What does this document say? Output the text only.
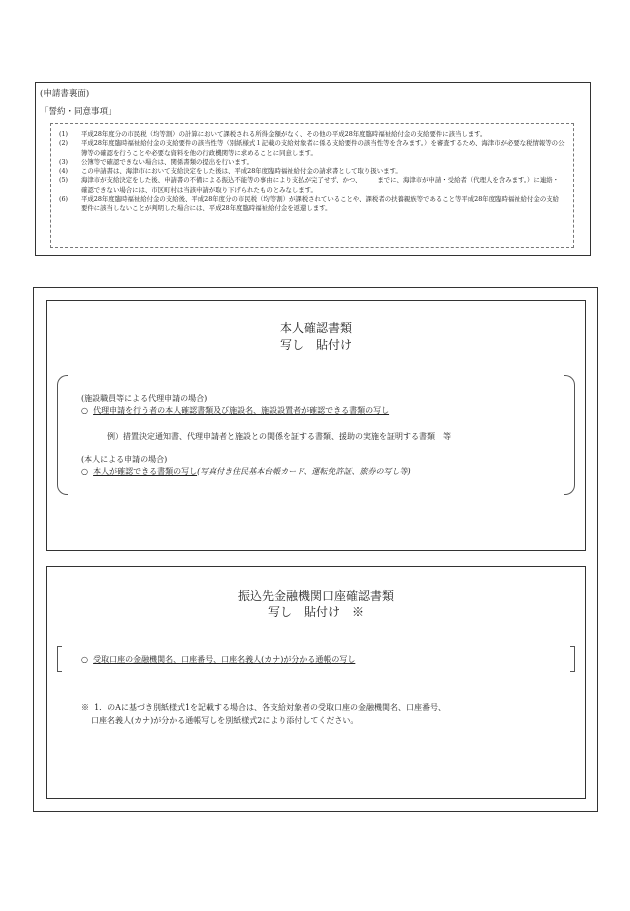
(申請書裏面)
「誓約・同意事項」
(1)	平成28年度分の市民税（均等割）の計算において課税される所得金額がなく、その他の平成28年度臨時福祉給付金の支給要件に該当します。
(2)	平成28年度臨時福祉給付金の支給要件の該当性等（別紙様式１記載の支給対象者に係る支給要件の該当性等を含みます。）を審査するため、海津市が必要な税情報等の公簿等の確認を行うことや必要な資料を他の行政機関等に求めることに同意します。
(3)	公簿等で確認できない場合は、関係書類の提出を行います。
(4)	この申請書は、海津市において支給決定をした後は、平成28年度臨時福祉給付金の請求書として取り扱います。
(5)	海津市が支給決定をした後、申請書の不備による振込不能等の事由により支払が完了せず、かつ、　　　までに、海津市が申請・受給者（代理人を含みます。）に連絡・確認できない場合には、市区町村は当該申請が取り下げられたものとみなします。
(6)	平成28年度臨時福祉給付金の支給後、平成28年度分の市民税（均等割）が課税されていることや、課税者の扶養親族等であること等平成28年度臨時福祉給付金の支給要件に該当しないことが判明した場合には、平成28年度臨時福祉給付金を返還します。
本人確認書類
写し　貼付け
(施設職員等による代理申請の場合)
○ 代理申請を行う者の本人確認書類及び施設名、施設設置者が確認できる書類の写し
例）措置決定通知書、代理申請者と施設との関係を証する書類、援助の実施を証明する書類　等
(本人による申請の場合)
○ 本人が確認できる書類の写し(写真付き住民基本台帳カード、運転免許証、旅券の写し等)
振込先金融機関口座確認書類
写し　貼付け　※
○ 受取口座の金融機関名、口座番号、口座名義人(カナ)が分かる通帳の写し
※ 1．のAに基づき別紙様式1を記載する場合は、各支給対象者の受取口座の金融機関名、口座番号、
口座名義人(カナ)が分かる通帳写しを別紙様式2により添付してください。
